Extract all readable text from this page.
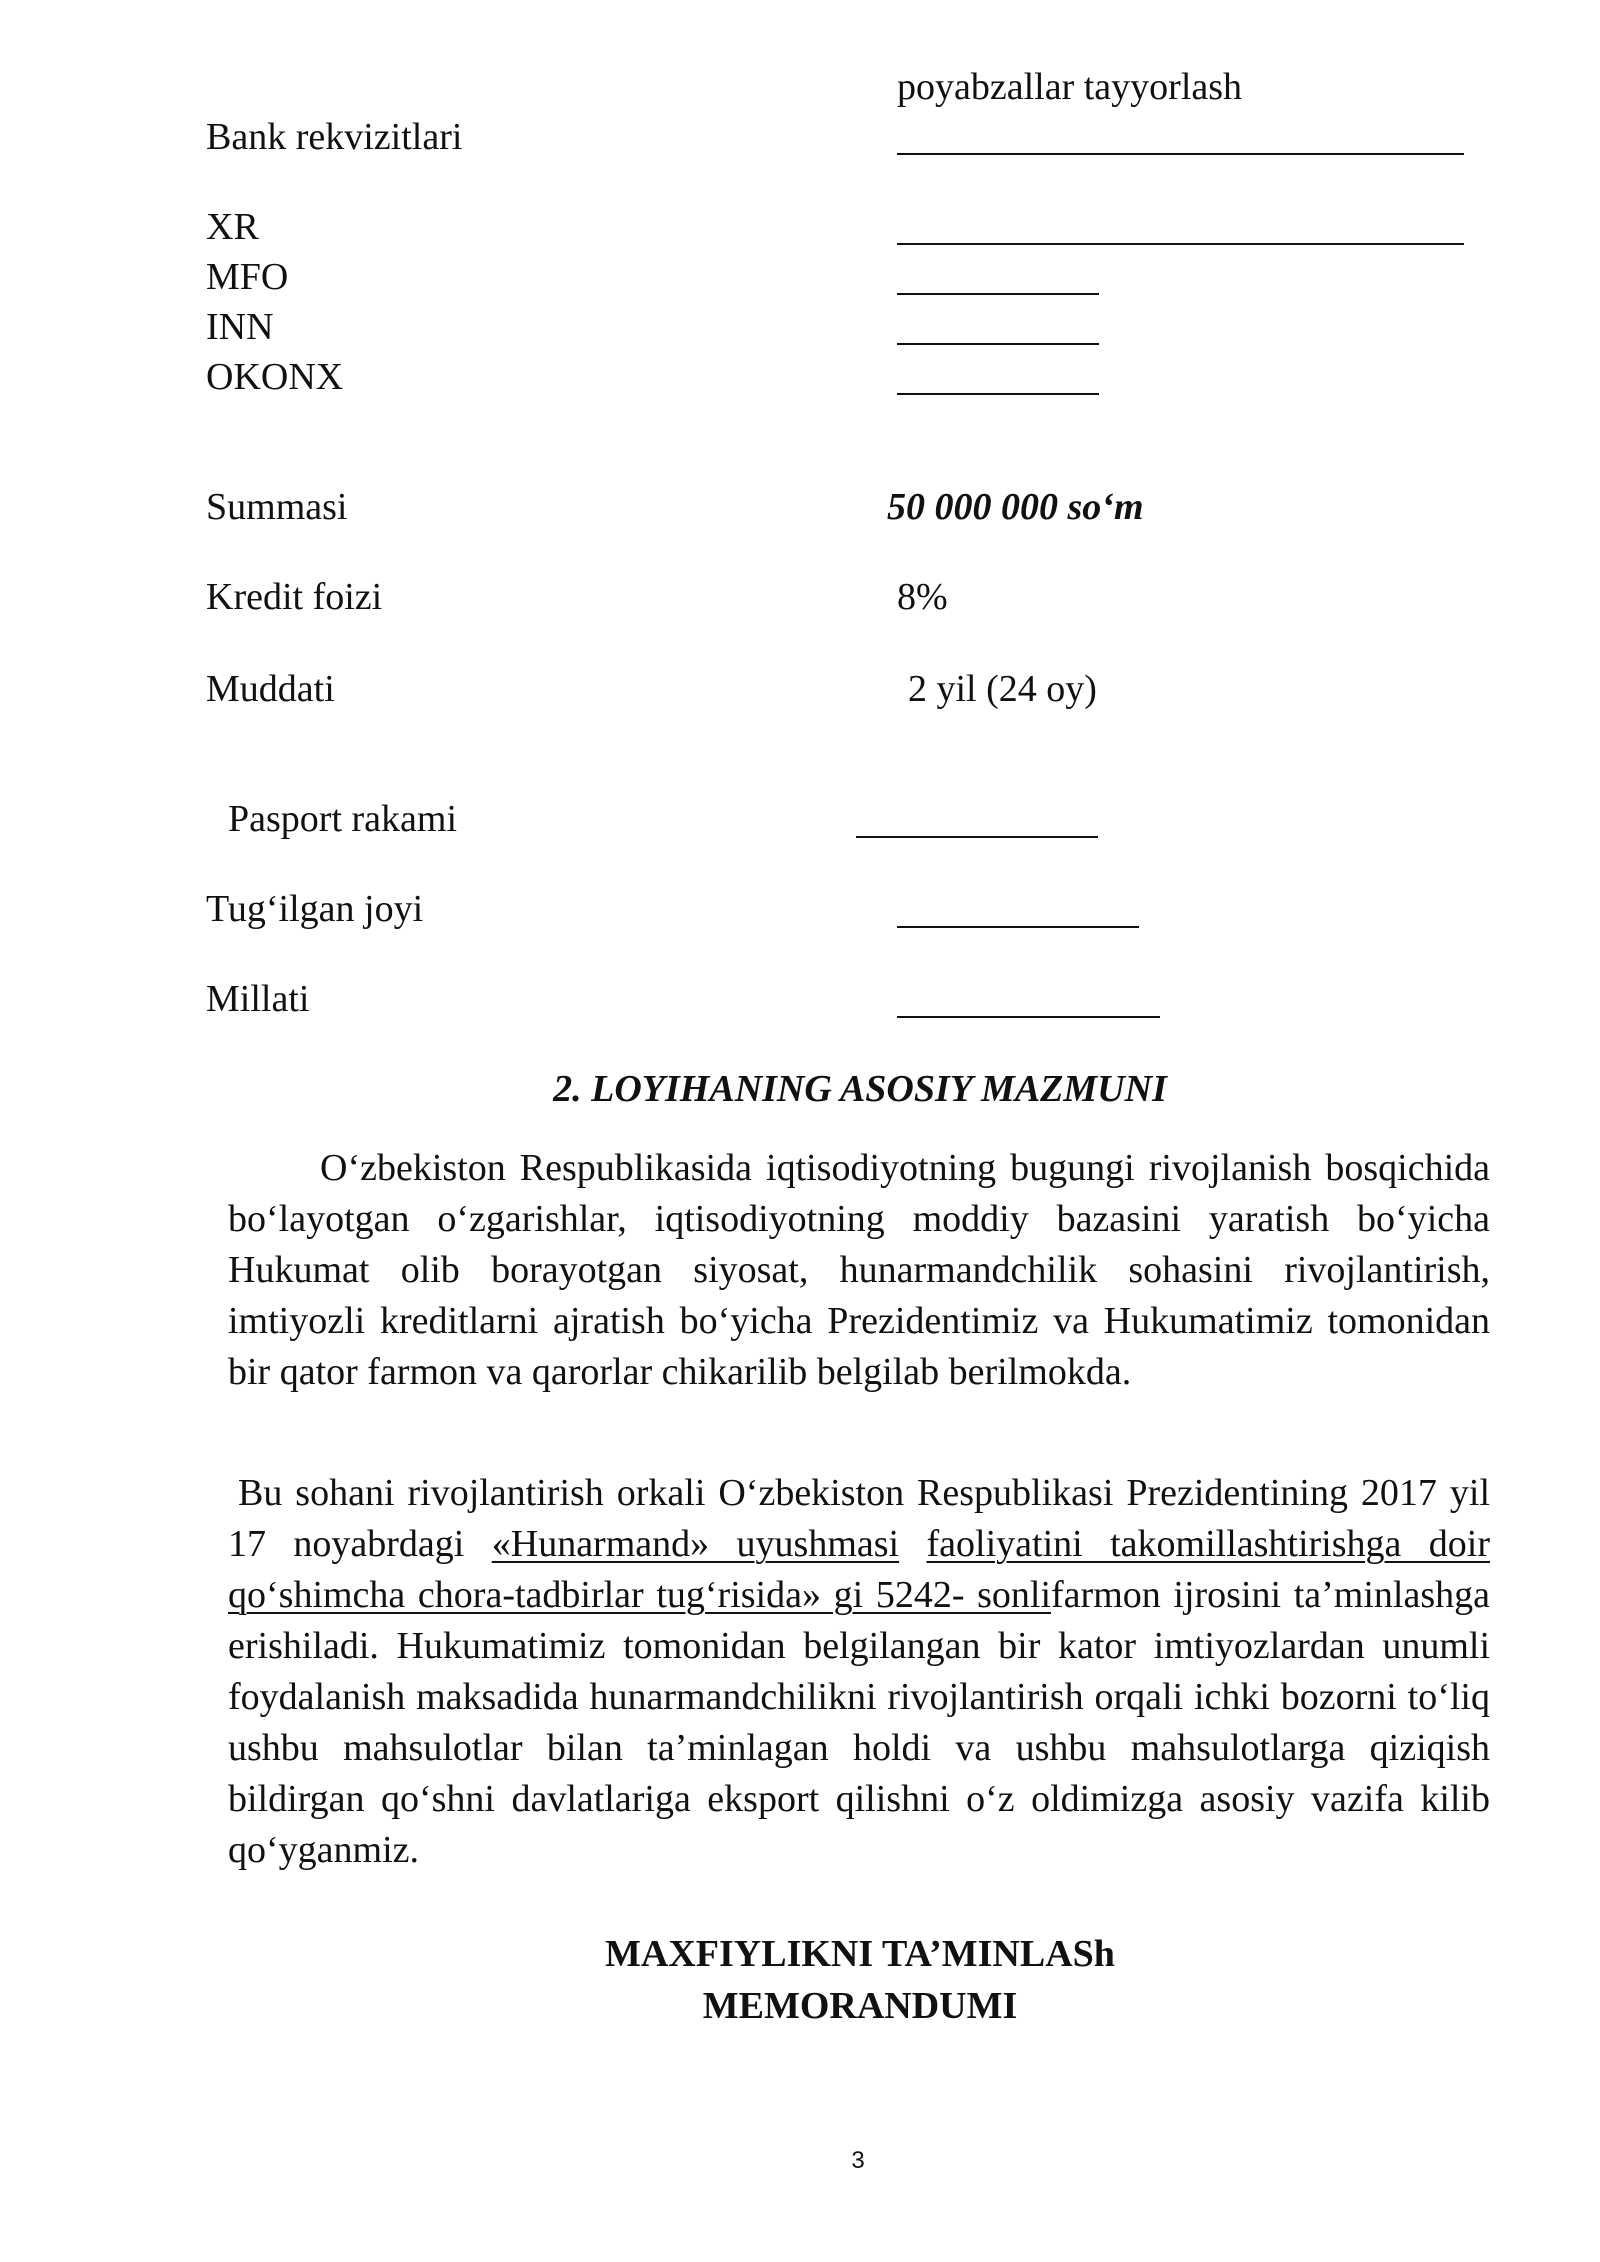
poyabzallar tayyorlash
Bank rekvizitlari
XR
MFO
INN
OKONX
Summasi	50 000 000 so‘m
Kredit foizi	8%
Muddati	2 yil (24 oy)
Pasport rakami
Tug‘ilgan joyi
Millati
2. LOYIHANING ASOSIY MAZMUNI
O‘zbekiston Respublikasida iqtisodiyotning bugungi rivojlanish bosqichida bo‘layotgan o‘zgarishlar, iqtisodiyotning moddiy bazasini yaratish bo‘yicha Hukumat olib borayotgan siyosat, hunarmandchilik sohasini rivojlantirish, imtiyozli kreditlarni ajratish bo‘yicha Prezidentimiz va Hukumatimiz tomonidan bir qator farmon va qarorlar chikarilib belgilab berilmokda.
Bu sohani rivojlantirish orkali O‘zbekiston Respublikasi Prezidentining 2017 yil 17 noyabrdagi «Hunarmand» uyushmasi faoliyatini takomillashtirishga doir qo‘shimcha chora-tadbirlar tug‘risida» gi 5242- sonlifarmon ijrosini ta’minlashga erishiladi. Hukumatimiz tomonidan belgilangan bir kator imtiyozlardan unumli foydalanish maksadida hunarmandchilikni rivojlantirish orqali ichki bozorni to‘liq ushbu mahsulotlar bilan ta’minlagan holdi va ushbu mahsulotlarga qiziqish bildirgan qo‘shni davlatlariga eksport qilishni o‘z oldimizga asosiy vazifa kilib qo‘yganmiz.
MAXFIYLIKNI TA’MINLASh
MEMORANDUMI
3
